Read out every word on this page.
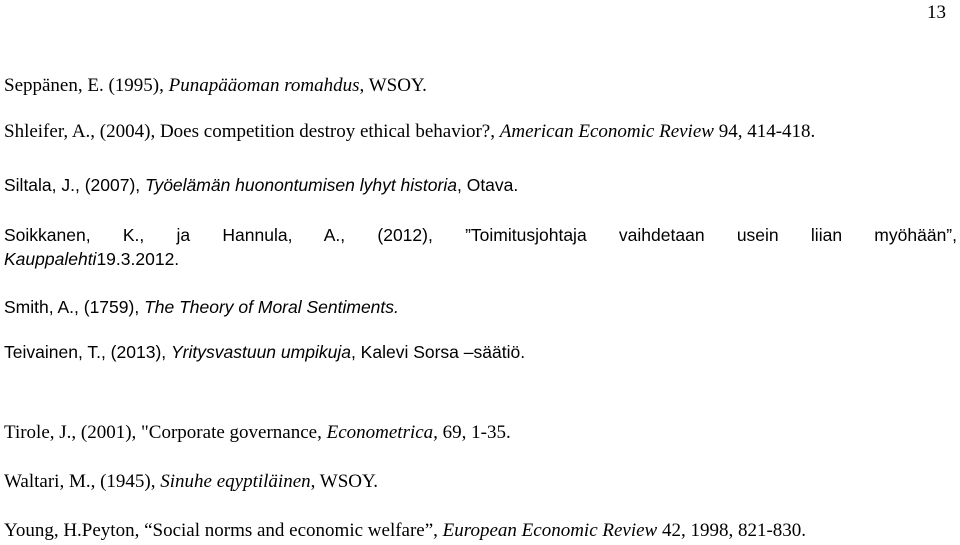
13
Seppänen, E. (1995), Punapääoman romahdus, WSOY.
Shleifer, A., (2004), Does competition destroy ethical behavior?, American Economic Review 94, 414-418.
Siltala, J., (2007), Työelämän huonontumisen lyhyt historia, Otava.
Soikkanen, K., ja Hannula, A., (2012), ”Toimitusjohtaja vaihdetaan usein liian myöhään”,
Kauppalehti19.3.2012.
Smith, A., (1759), The Theory of Moral Sentiments.
Teivainen, T., (2013), Yritysvastuun umpikuja, Kalevi Sorsa –säätiö.
Tirole, J., (2001), "Corporate governance, Econometrica, 69, 1-35.
Waltari, M., (1945), Sinuhe eqyptiläinen, WSOY.
Young, H.Peyton, “Social norms and economic welfare”, European Economic Review 42, 1998, 821-830.
